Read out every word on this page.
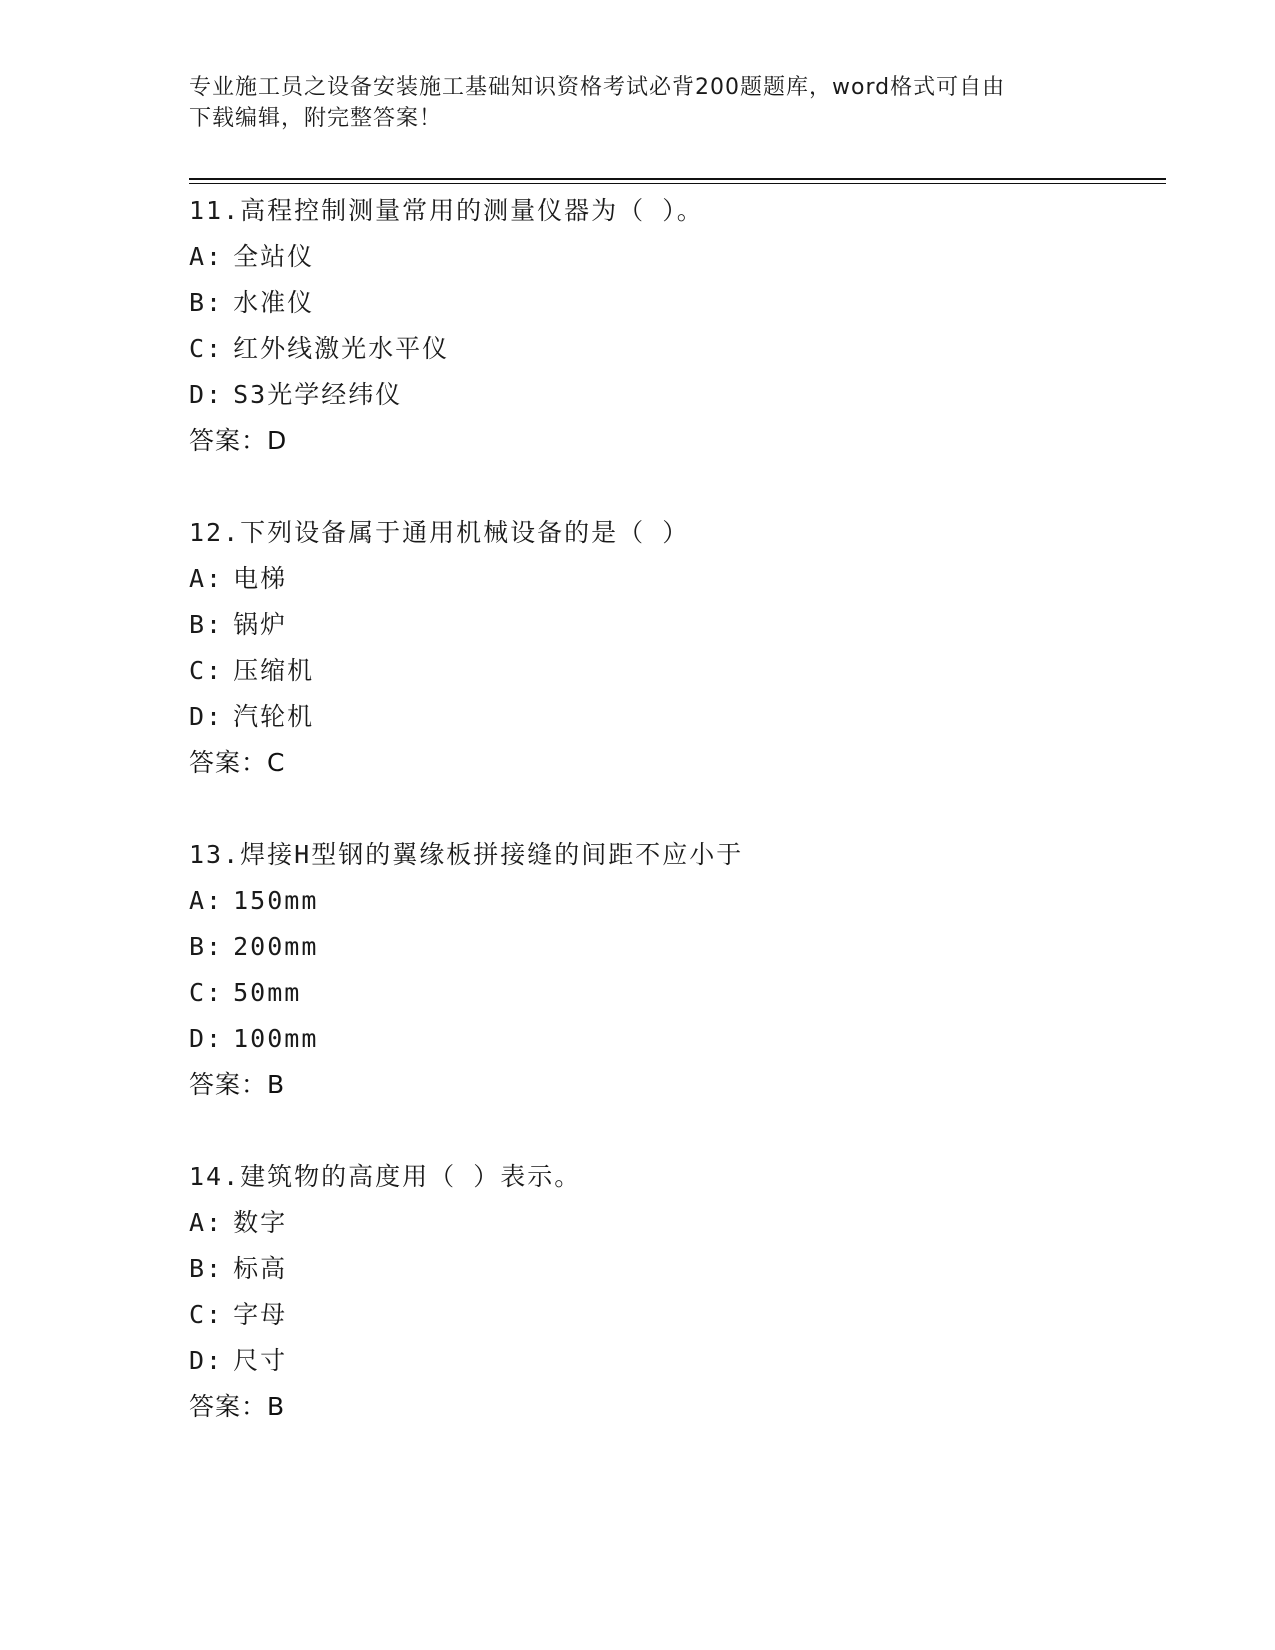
专业施工员之设备安装施工基础知识资格考试必背200题题库，word格式可自由
下载编辑，附完整答案！
11.高程控制测量常用的测量仪器为（ ）。
A: 全站仪
B: 水准仪
C: 红外线激光水平仪
D: S3光学经纬仪
答案：D
12.下列设备属于通用机械设备的是（ ）
A: 电梯
B: 锅炉
C: 压缩机
D: 汽轮机
答案：C
13.焊接H型钢的翼缘板拼接缝的间距不应小于
A: 150mm
B: 200mm
C: 50mm
D: 100mm
答案：B
14.建筑物的高度用（ ）表示。
A: 数字
B: 标高
C: 字母
D: 尺寸
答案：B
